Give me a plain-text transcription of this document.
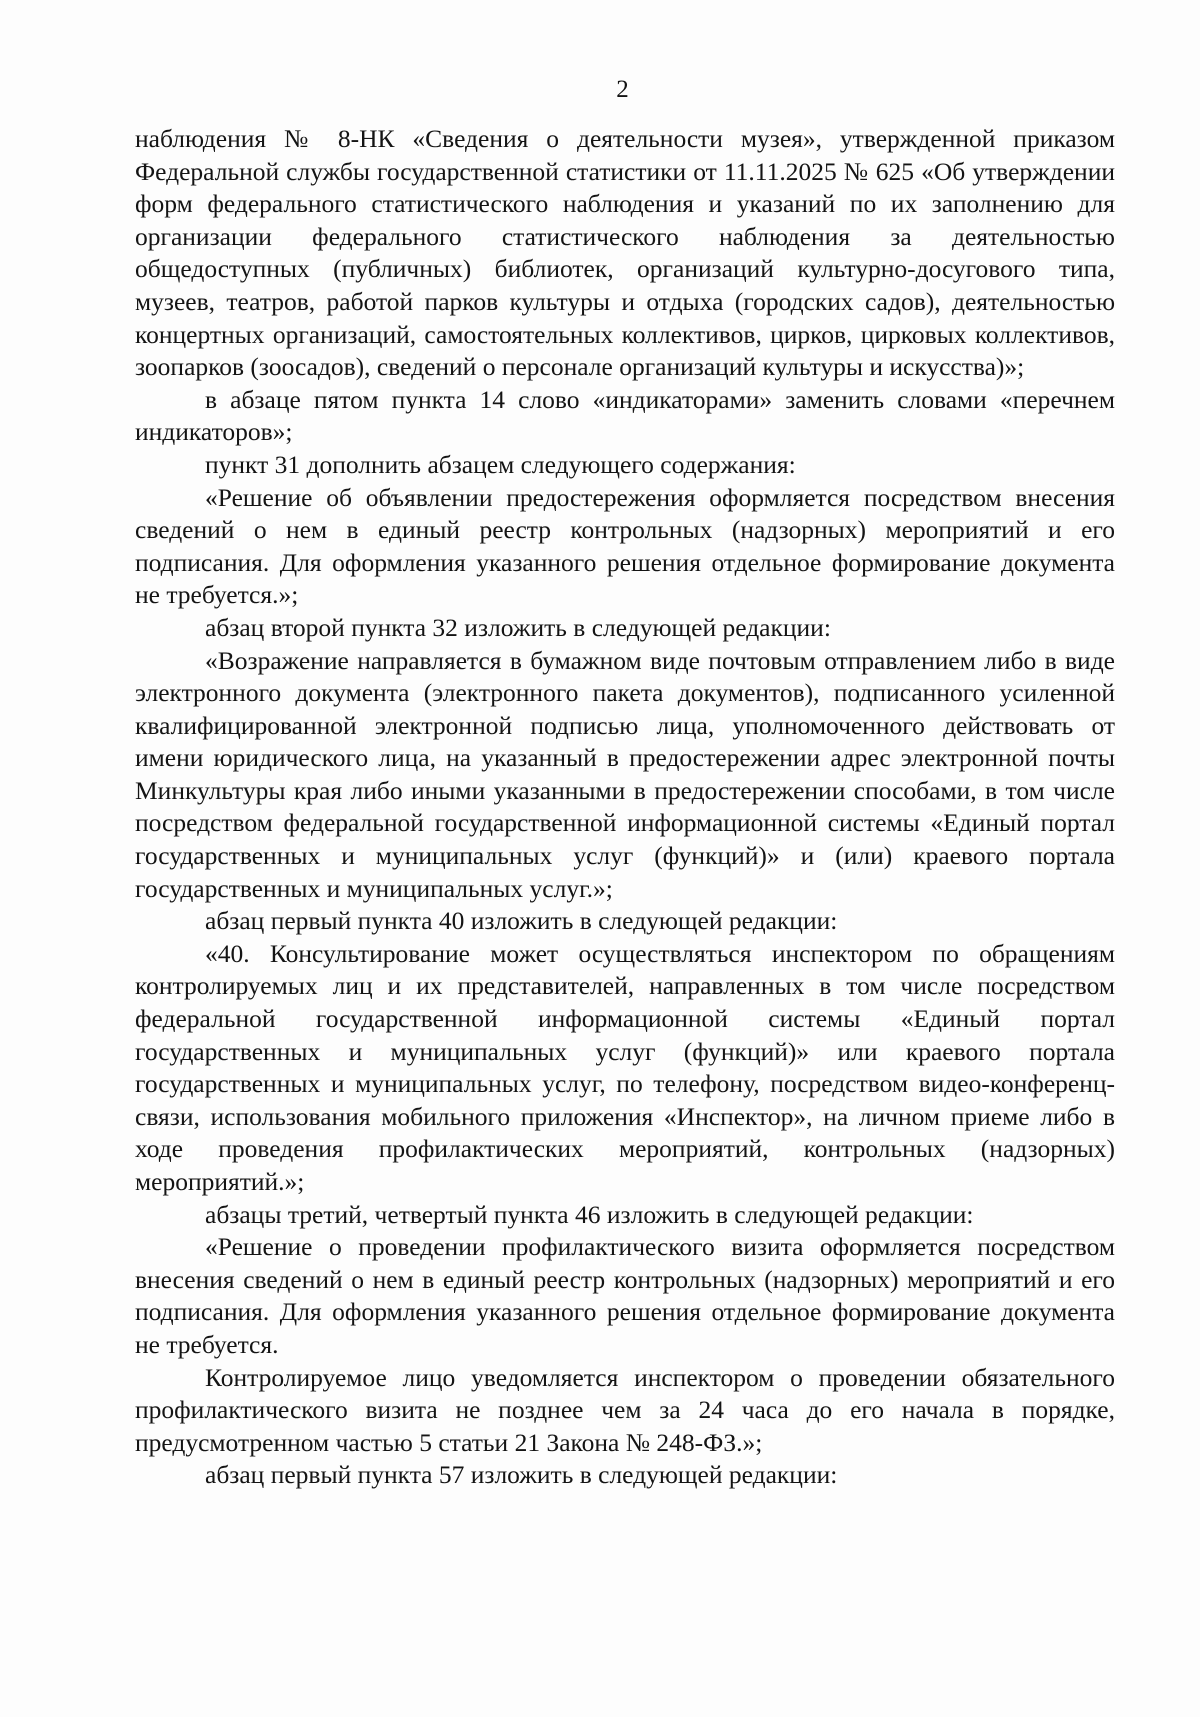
2

наблюдения № 8-НК «Сведения о деятельности музея», утвержденной приказом Федеральной службы государственной статистики от 11.11.2025 № 625 «Об утверждении форм федерального статистического наблюдения и указаний по их заполнению для организации федерального статистического наблюдения за деятельностью общедоступных (публичных) библиотек, организаций культурно-досугового типа, музеев, театров, работой парков культуры и отдыха (городских садов), деятельностью концертных организаций, самостоятельных коллективов, цирков, цирковых коллективов, зоопарков (зоосадов), сведений о персонале организаций культуры и искусства)»;

в абзаце пятом пункта 14 слово «индикаторами» заменить словами «перечнем индикаторов»;

пункт 31 дополнить абзацем следующего содержания:

«Решение об объявлении предостережения оформляется посредством внесения сведений о нем в единый реестр контрольных (надзорных) мероприятий и его подписания. Для оформления указанного решения отдельное формирование документа не требуется.»;

абзац второй пункта 32 изложить в следующей редакции:

«Возражение направляется в бумажном виде почтовым отправлением либо в виде электронного документа (электронного пакета документов), подписанного усиленной квалифицированной электронной подписью лица, уполномоченного действовать от имени юридического лица, на указанный в предостережении адрес электронной почты Минкультуры края либо иными указанными в предостережении способами, в том числе посредством федеральной государственной информационной системы «Единый портал государственных и муниципальных услуг (функций)» и (или) краевого портала государственных и муниципальных услуг.»;

абзац первый пункта 40 изложить в следующей редакции:

«40. Консультирование может осуществляться инспектором по обращениям контролируемых лиц и их представителей, направленных в том числе посредством федеральной государственной информационной системы «Единый портал государственных и муниципальных услуг (функций)» или краевого портала государственных и муниципальных услуг, по телефону, посредством видео-конференц-связи, использования мобильного приложения «Инспектор», на личном приеме либо в ходе проведения профилактических мероприятий, контрольных (надзорных) мероприятий.»;

абзацы третий, четвертый пункта 46 изложить в следующей редакции:

«Решение о проведении профилактического визита оформляется посредством внесения сведений о нем в единый реестр контрольных (надзорных) мероприятий и его подписания. Для оформления указанного решения отдельное формирование документа не требуется.

Контролируемое лицо уведомляется инспектором о проведении обязательного профилактического визита не позднее чем за 24 часа до его начала в порядке, предусмотренном частью 5 статьи 21 Закона № 248-ФЗ.»;

абзац первый пункта 57 изложить в следующей редакции:
